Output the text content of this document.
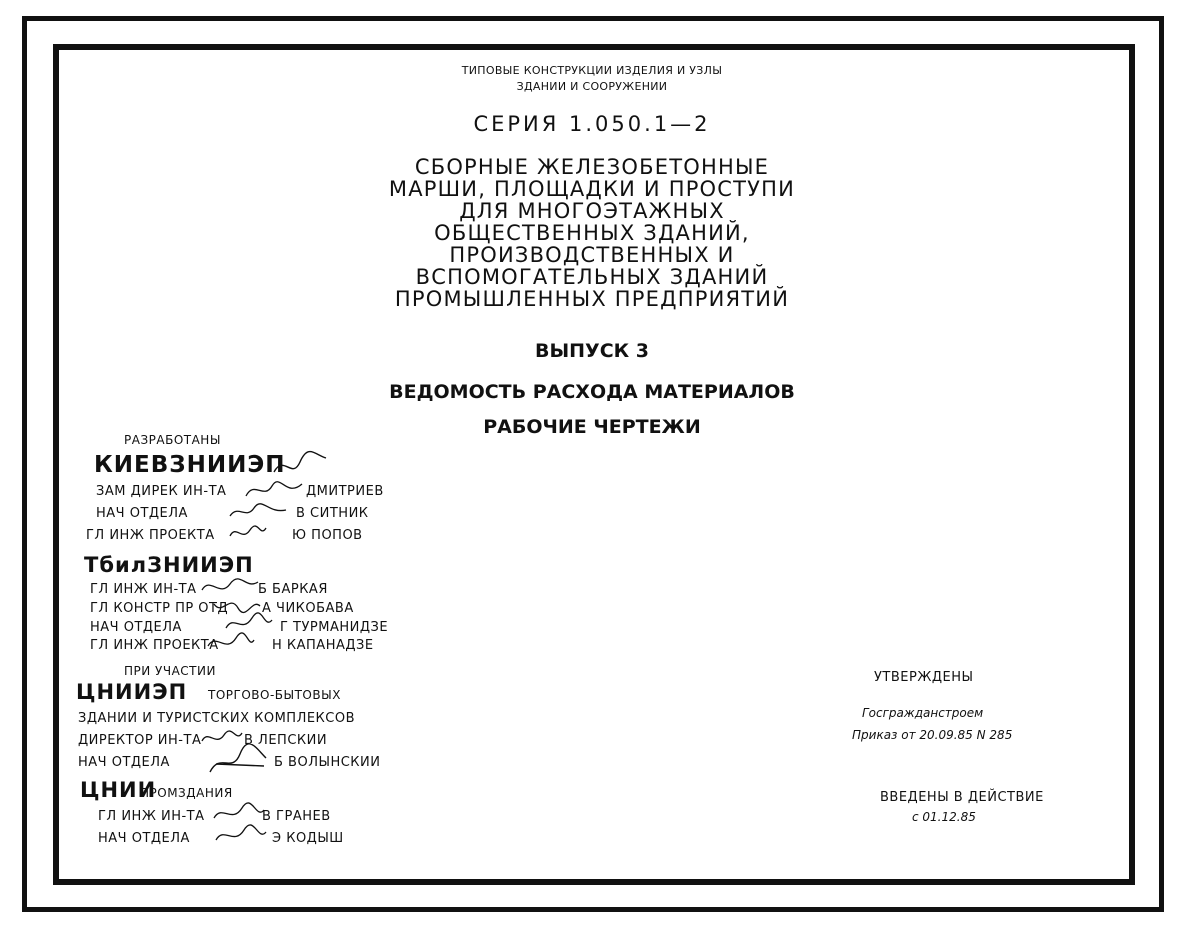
ТИПОВЫЕ КОНСТРУКЦИИ ИЗДЕЛИЯ И УЗЛЫ
ЗДАНИИ И СООРУЖЕНИИ
СЕРИЯ 1.050.1—2
СБОРНЫЕ ЖЕЛЕЗОБЕТОННЫЕ
МАРШИ, ПЛОЩАДКИ И ПРОСТУПИ
ДЛЯ МНОГОЭТАЖНЫХ
ОБЩЕСТВЕННЫХ ЗДАНИЙ,
ПРОИЗВОДСТВЕННЫХ И
ВСПОМОГАТЕЛЬНЫХ ЗДАНИЙ
ПРОМЫШЛЕННЫХ ПРЕДПРИЯТИЙ
ВЫПУСК 3
ВЕДОМОСТЬ РАСХОДА МАТЕРИАЛОВ
РАБОЧИЕ ЧЕРТЕЖИ
РАЗРАБОТАНЫ
КИЕВЗНИИЭП
ЗАМ ДИРЕК ИН-ТА	ДМИТРИЕВ
НАЧ ОТДЕЛА	В СИТНИК
ГЛ ИНЖ ПРОЕКТА	Ю ПОПОВ
ТбилЗНИИЭП
ГЛ ИНЖ ИН-ТА	Б БАРКАЯ
ГЛ КОНСТР ПР ОТД	А ЧИКОБАВА
НАЧ ОТДЕЛА	Г ТУРМАНИДЗЕ
ГЛ ИНЖ ПРОЕКТА	Н КАПАНАДЗЕ
ПРИ УЧАСТИИ
ЦНИИЭП ТОРГОВО-БЫТОВЫХ
ЗДАНИИ И ТУРИСТСКИХ КОМПЛЕКСОВ
ДИРЕКТОР ИН-ТА	В ЛЕПСКИИ
НАЧ ОТДЕЛА	Б ВОЛЫНСКИИ
ЦНИИ
ПРОМЗДАНИЯ
ГЛ ИНЖ ИН-ТА	В ГРАНЕВ
НАЧ ОТДЕЛА	Э КОДЫШ
УТВЕРЖДЕНЫ
Госгражданстроем
Приказ от 20.09.85 N 285
ВВЕДЕНЫ В ДЕЙСТВИЕ
с 01.12.85
